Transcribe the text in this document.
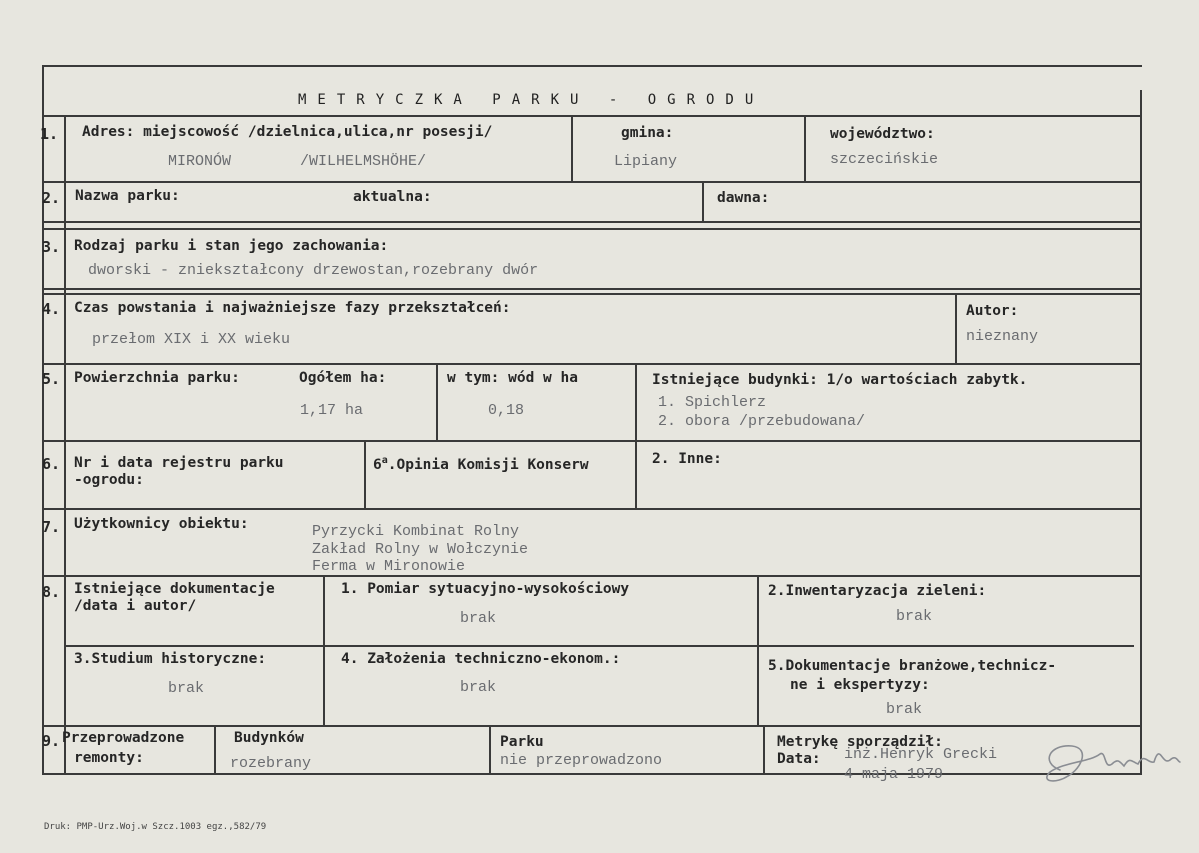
METRYCZKA PARKU - OGRODU
1. Adres: miejscowość /dzielnica,ulica,nr posesji/
MIRONÓW	/WILHELMSHÖHE/
gmina:
Lipiany
województwo:
szczecińskie
2. Nazwa parku:	aktualna:	dawna:
3. Rodzaj parku i stan jego zachowania:
dworski - zniekształcony drzewostan,rozebrany dwór
4. Czas powstania i najważniejsze fazy przekształceń:
przełom XIX i XX wieku
Autor:
nieznany
5. Powierzchnia parku:	Ogółem ha:
1,17 ha
w tym: wód w ha
0,18
Istniejące budynki: 1/o wartościach zabytk.
1. Spichlerz
2. obora /przebudowana/
6. Nr i data rejestru parku
-ogrodu:
6$^a$.Opinia Komisji Konserw	2. Inne:
7. Użytkownicy obiektu:	Pyrzycki Kombinat Rolny
Zakład Rolny w Wołczynie
Ferma w Mironowie
8. Istniejące dokumentacje
/data i autor/
1. Pomiar sytuacyjno-wysokościowy
brak
2.Inwentaryzacja zieleni:
brak
3.Studium historyczne:
brak
4. Założenia techniczno-ekonom.:
brak
5.Dokumentacje branżowe,technicz-
ne i ekspertyzy:
brak
9. Przeprowadzone
remonty:
Budynków
rozebrany
Parku
nie przeprowadzono
Metrykę sporządził:
Data: inż.Henryk Grecki
4 maja 1979
Druk: PMP-Urz.Woj.w Szcz.1003 egz.,582/79
